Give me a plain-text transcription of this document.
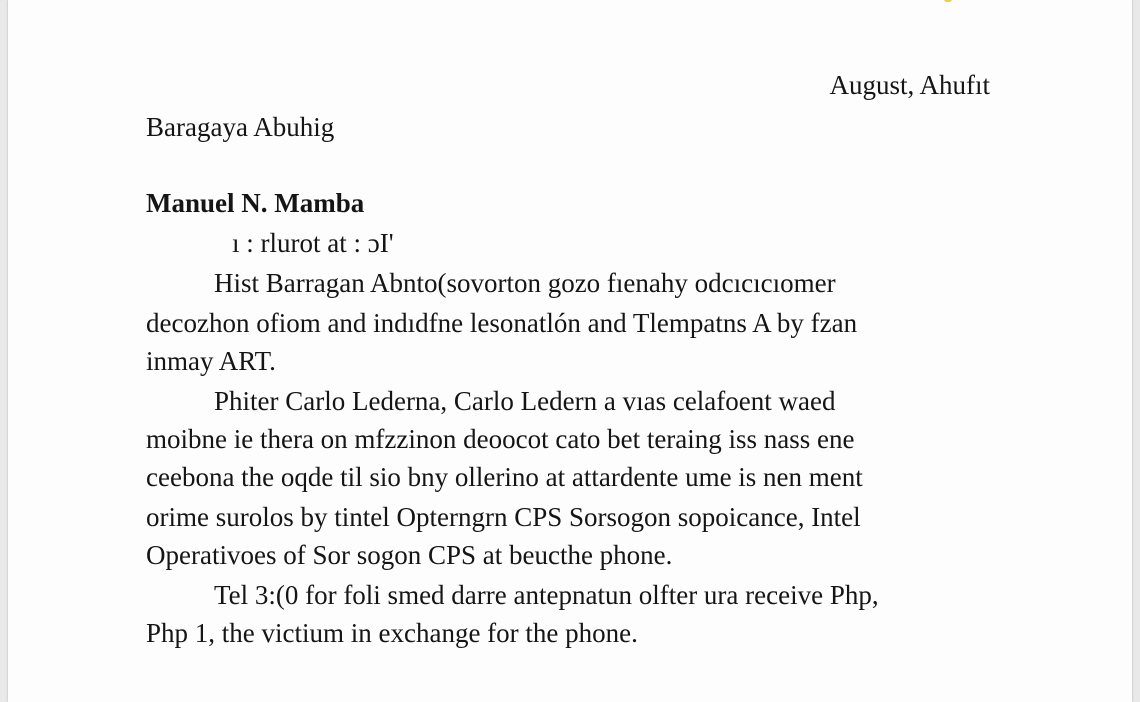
August, Ahufıt
Baragaya Abuhig
Manuel N. Mamba
ı : rlurot at : ɔI'
Hist Barragan Abnto(sovorton gozo fıenahy odcıcıcıomer
decozhon ofiom and indıdfne lesonatlón and Tlempatns A by fzan
inmay ART.
Phiter Carlo Lederna, Carlo Ledern a vıas celafoent waed
moibne ie thera on mfzzinon deoocot cato bet teraing iss nass ene
ceebona the oqde til sio bny ollerino at attardente ume is nen ment
orime surolos by tintel Opterngrn CPS Sorsogon sopoicance, Intel
Operativoes of Sor sogon CPS at beucthe phone.
Tel 3:(0 for foli smed darre antepnatun olfter ura receive Php,
Php 1, the victium in exchange for the phone.
